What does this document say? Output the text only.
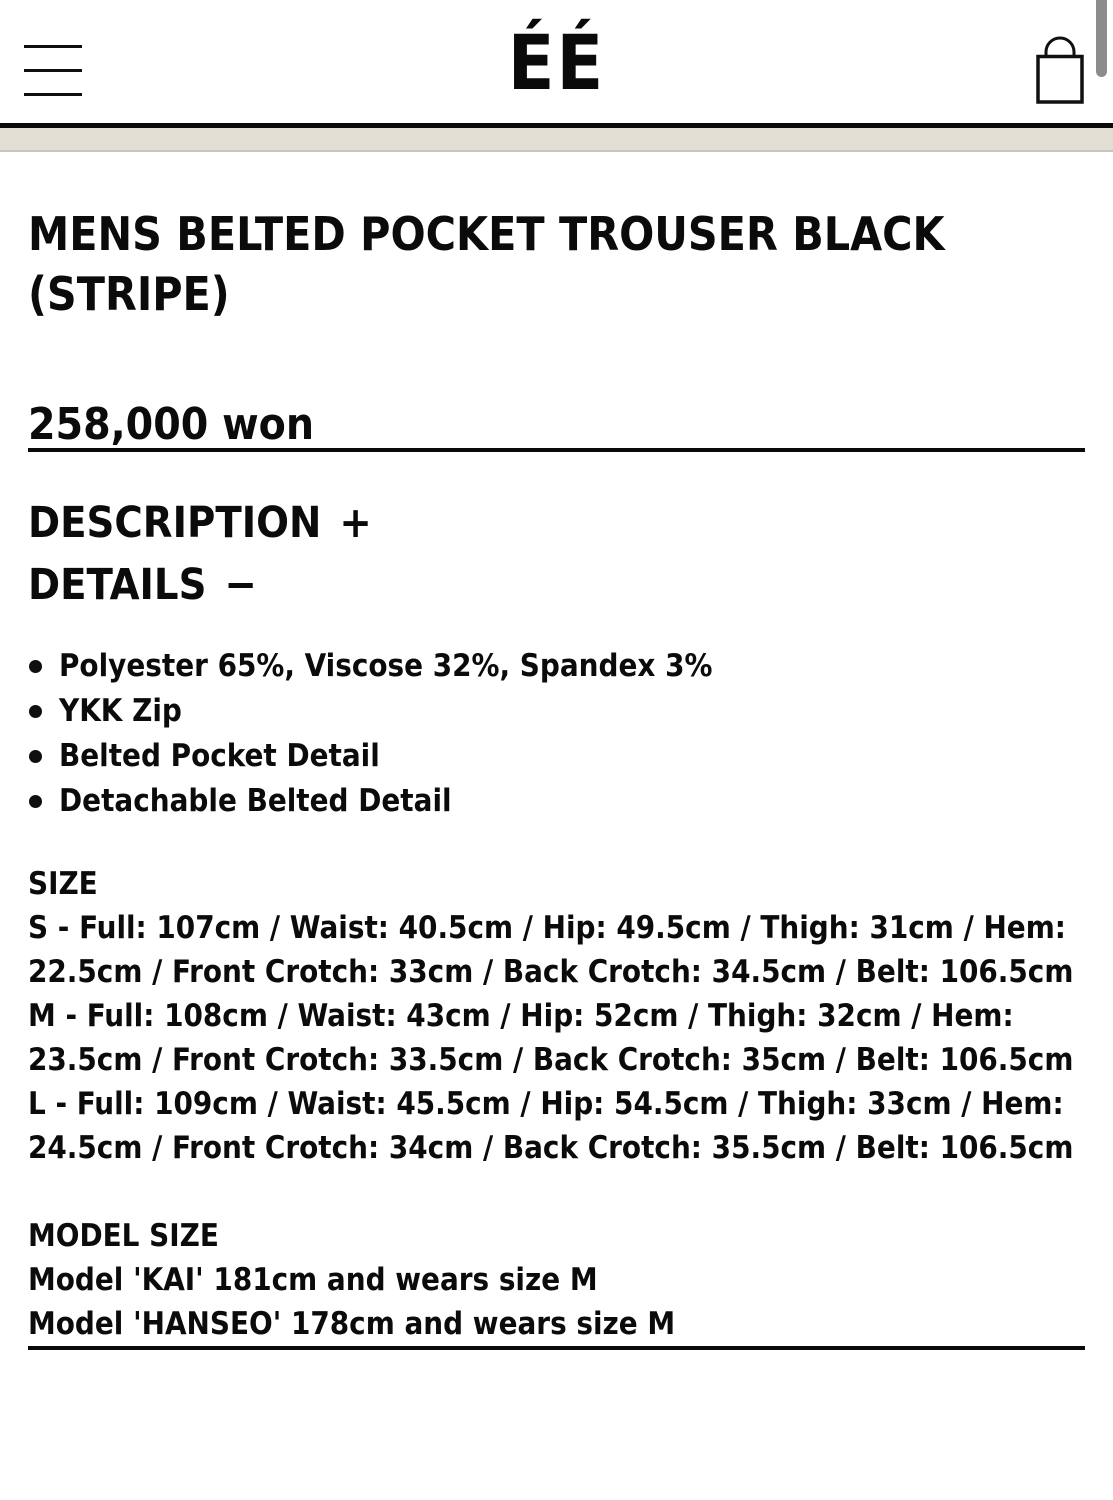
ÉÉ
MENS BELTED POCKET TROUSER BLACK (STRIPE)
258,000 won
DESCRIPTION +
DETAILS −
Polyester 65%, Viscose 32%, Spandex 3%
YKK Zip
Belted Pocket Detail
Detachable Belted Detail
SIZE
S - Full: 107cm / Waist: 40.5cm / Hip: 49.5cm / Thigh: 31cm / Hem: 22.5cm / Front Crotch: 33cm / Back Crotch: 34.5cm / Belt: 106.5cm
M - Full: 108cm / Waist: 43cm / Hip: 52cm / Thigh: 32cm / Hem: 23.5cm / Front Crotch: 33.5cm / Back Crotch: 35cm / Belt: 106.5cm
L - Full: 109cm / Waist: 45.5cm / Hip: 54.5cm / Thigh: 33cm / Hem: 24.5cm / Front Crotch: 34cm / Back Crotch: 35.5cm / Belt: 106.5cm
MODEL SIZE
Model 'KAI' 181cm and wears size M
Model 'HANSEO' 178cm and wears size M
